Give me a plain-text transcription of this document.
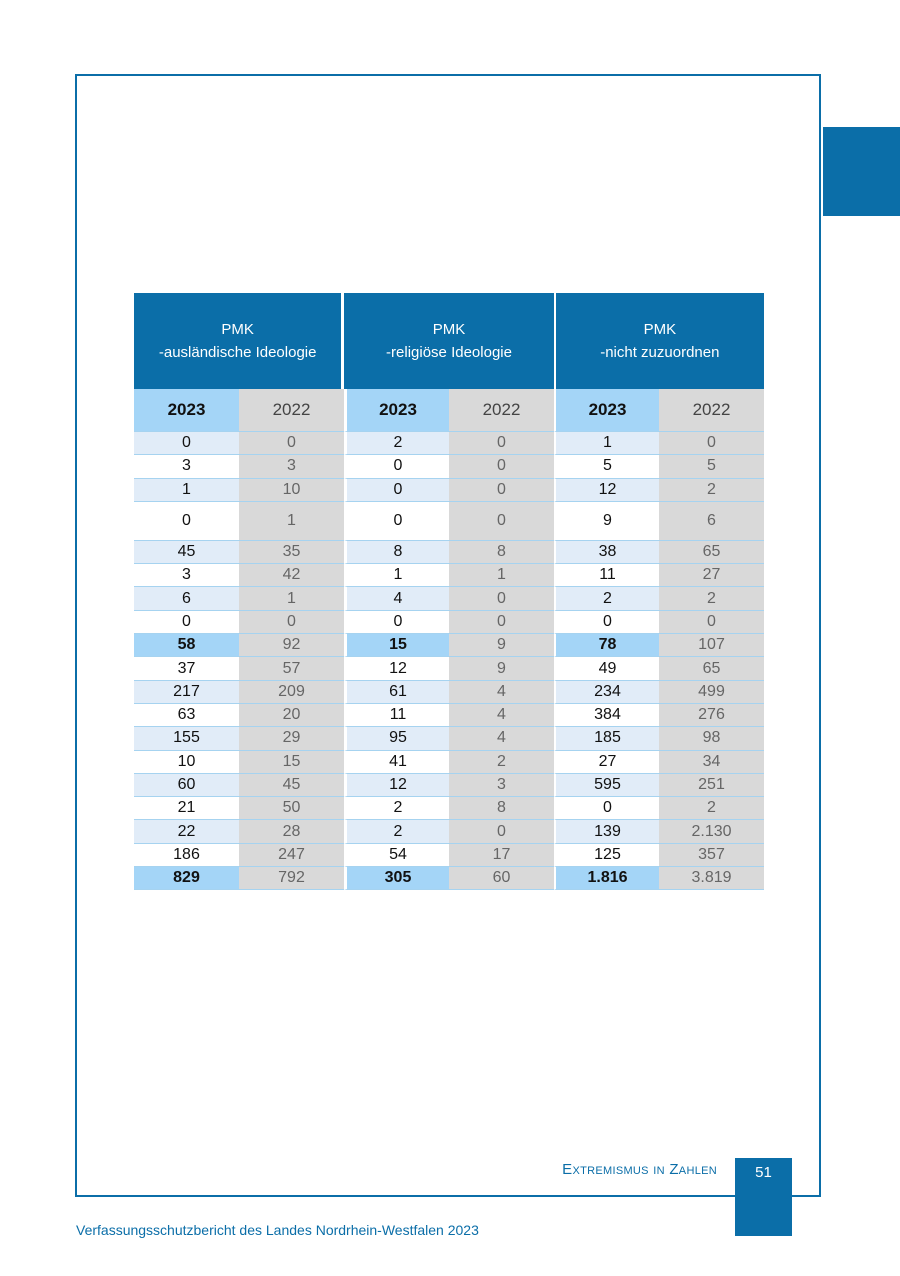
PMK
-ausländische Ideologie
PMK
-religiöse Ideologie
PMK
-nicht zuzuordnen
2023	2022	2023	2022	2023	2022
0	0	2	0	1	0
3	3	0	0	5	5
1	10	0	0	12	2
0	1	0	0	9	6
45	35	8	8	38	65
3	42	1	1	11	27
6	1	4	0	2	2
0	0	0	0	0	0
58	92	15	9	78	107
37	57	12	9	49	65
217	209	61	4	234	499
63	20	11	4	384	276
155	29	95	4	185	98
10	15	41	2	27	34
60	45	12	3	595	251
21	50	2	8	0	2
22	28	2	0	139	2.130
186	247	54	17	125	357
829	792	305	60	1.816	3.819
Extremismus in Zahlen	51
Verfassungsschutzbericht des Landes Nordrhein-Westfalen 2023
